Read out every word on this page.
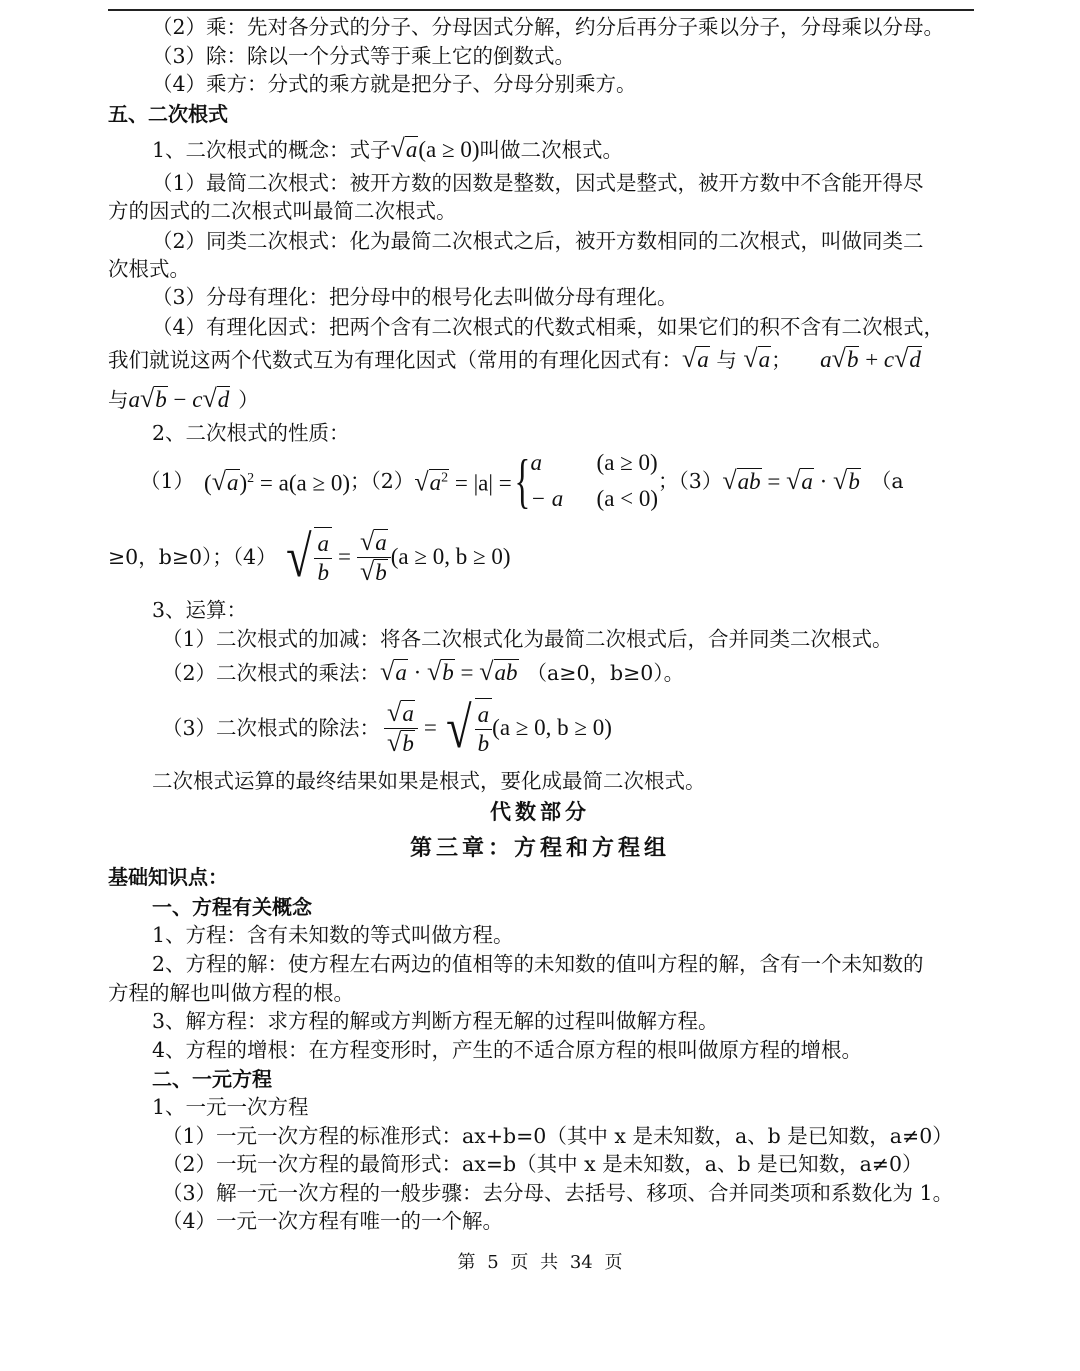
（2）乘：先对各分式的分子、分母因式分解，约分后再分子乘以分子，分母乘以分母。
（3）除：除以一个分式等于乘上它的倒数式。
（4）乘方：分式的乘方就是把分子、分母分别乘方。
五、二次根式
1、二次根式的概念：式子√a(a ≥ 0)叫做二次根式。
（1）最简二次根式：被开方数的因数是整数，因式是整式，被开方数中不含能开得尽
方的因式的二次根式叫最简二次根式。
（2）同类二次根式：化为最简二次根式之后，被开方数相同的二次根式，叫做同类二
次根式。
（3）分母有理化：把分母中的根号化去叫做分母有理化。
（4）有理化因式：把两个含有二次根式的代数式相乘，如果它们的积不含有二次根式，
我们就说这两个代数式互为有理化因式（常用的有理化因式有：√a 与 √a； a√b + c√d
与a√b − c√d ）
2、二次根式的性质：
（1） $(√a)^2 = a(a \ge 0)$ ；（2） $√a^2 = |a|$ = { a	(a ≥ 0)
− a	(a < 0)
；（3） √ab = √a · √b （a
≥0，b≥0）；（4） √ $\frac{a}{b} = \frac{√a}{√b} (a \ge 0$, b ≥ 0)
3、运算：
（1）二次根式的加减：将各二次根式化为最简二次根式后，合并同类二次根式。
（2）二次根式的乘法：√a · √b = √ab （a≥0，b≥0）。
（3）二次根式的除法： $\frac{√a}{√b}$ = √ $\frac{a}{b} (a \ge 0$, b ≥ 0)
二次根式运算的最终结果如果是根式，要化成最简二次根式。
代数部分
第三章：方程和方程组
基础知识点：
一、方程有关概念
1、方程：含有未知数的等式叫做方程。
2、方程的解：使方程左右两边的值相等的未知数的值叫方程的解，含有一个未知数的
方程的解也叫做方程的根。
3、解方程：求方程的解或方判断方程无解的过程叫做解方程。
4、方程的增根：在方程变形时，产生的不适合原方程的根叫做原方程的增根。
二、一元方程
1、一元一次方程
（1）一元一次方程的标准形式：ax+b=0（其中 x 是未知数，a、b 是已知数，a≠0）
（2）一玩一次方程的最简形式：ax=b（其中 x 是未知数，a、b 是已知数，a≠0）
（3）解一元一次方程的一般步骤：去分母、去括号、移项、合并同类项和系数化为 1。
（4）一元一次方程有唯一的一个解。
第 5 页 共 34 页
